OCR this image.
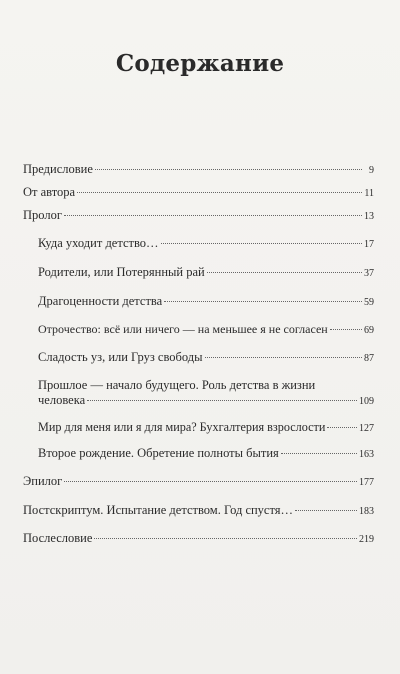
Содержание
Предисловие	9
От автора	11
Пролог	13
Куда уходит детство…	17
Родители, или Потерянный рай	37
Драгоценности детства	59
Отрочество: всё или ничего — на меньшее я не согласен	69
Сладость уз, или Груз свободы	87
Прошлое — начало будущего. Роль детства в жизни
человека	109
Мир для меня или я для мира? Бухгалтерия взрослости	127
Второе рождение. Обретение полноты бытия	163
Эпилог	177
Постскриптум. Испытание детством. Год спустя…	183
Послесловие	219
